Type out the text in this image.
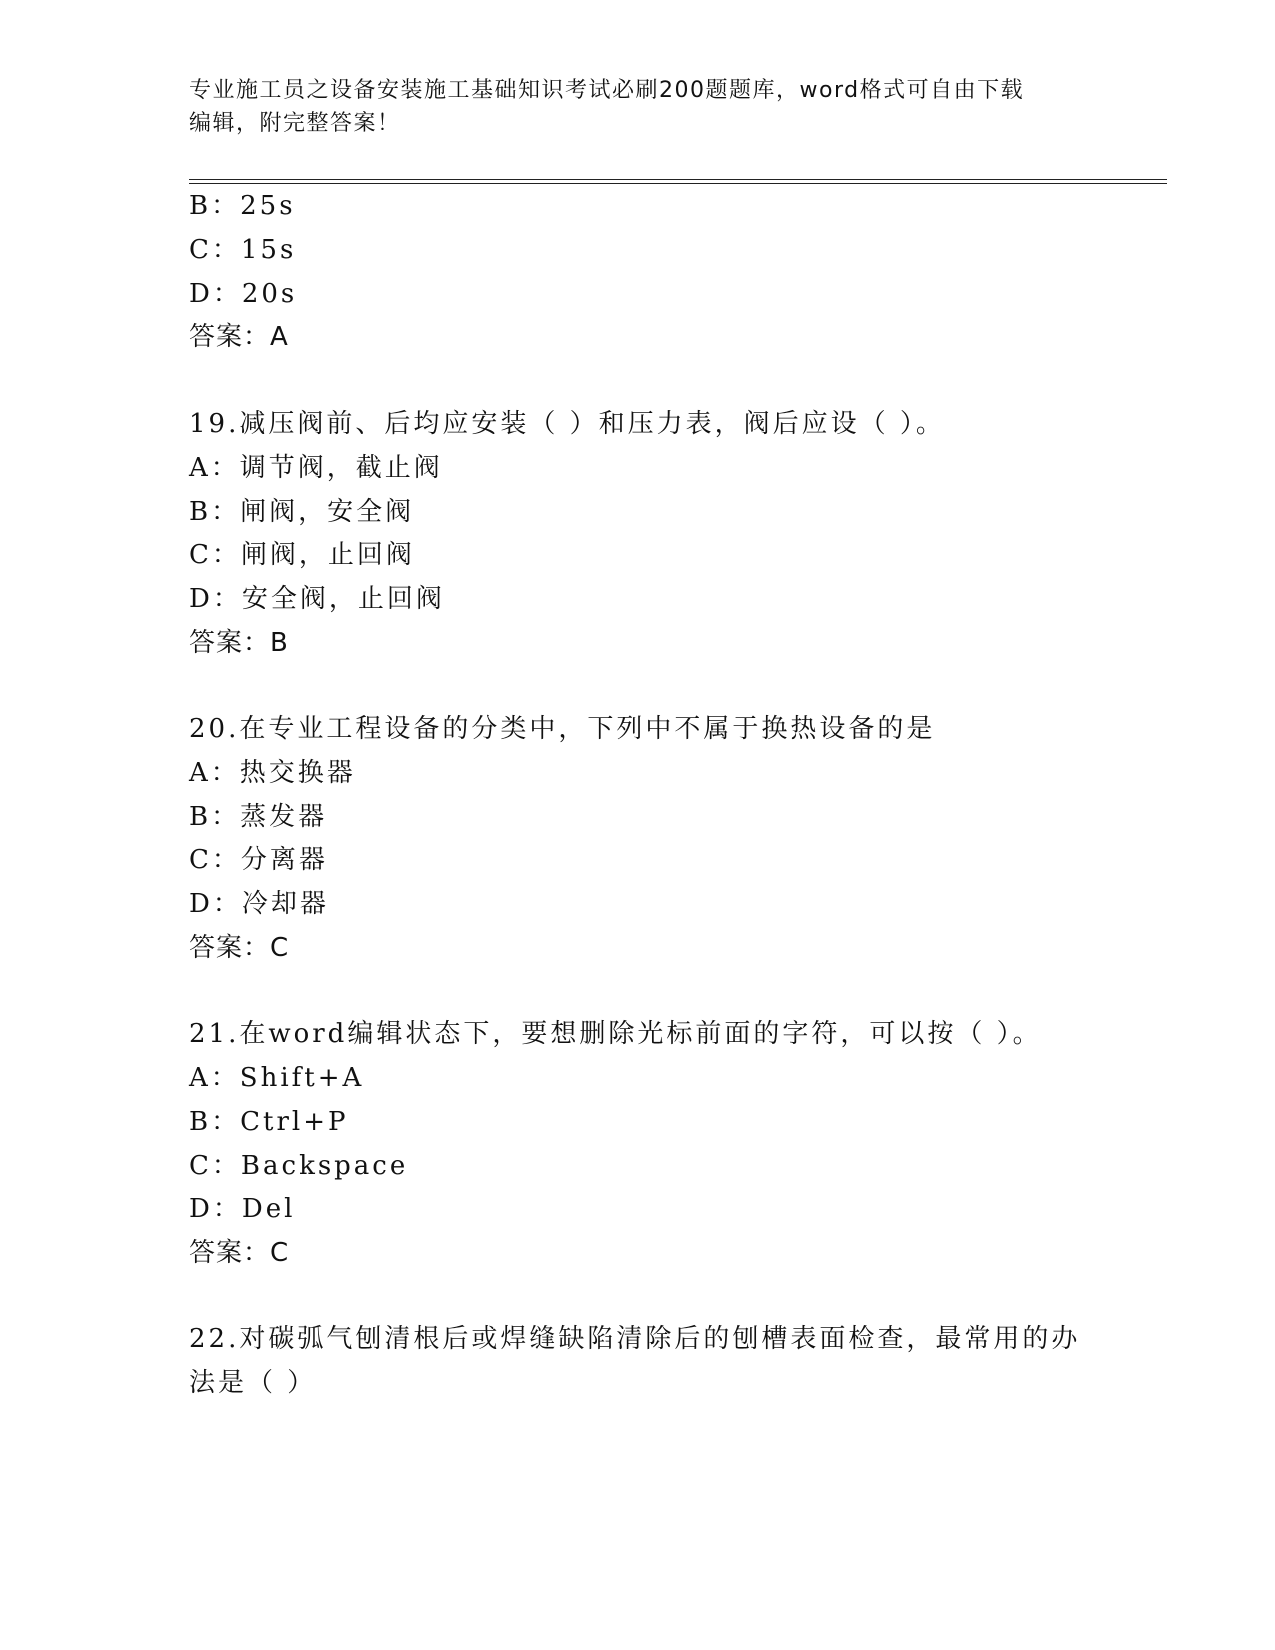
专业施工员之设备安装施工基础知识考试必刷200题题库，word格式可自由下载
编辑，附完整答案！
B：25s
C：15s
D：20s
答案：A
19.减压阀前、后均应安装（ ）和压力表，阀后应设（ ）。
A：调节阀，截止阀
B：闸阀，安全阀
C：闸阀，止回阀
D：安全阀，止回阀
答案：B
20.在专业工程设备的分类中，下列中不属于换热设备的是
A：热交换器
B：蒸发器
C：分离器
D：冷却器
答案：C
21.在word编辑状态下，要想删除光标前面的字符，可以按（ ）。
A：Shift+A
B：Ctrl+P
C：Backspace
D：Del
答案：C
22.对碳弧气刨清根后或焊缝缺陷清除后的刨槽表面检查，最常用的办
法是（ ）
